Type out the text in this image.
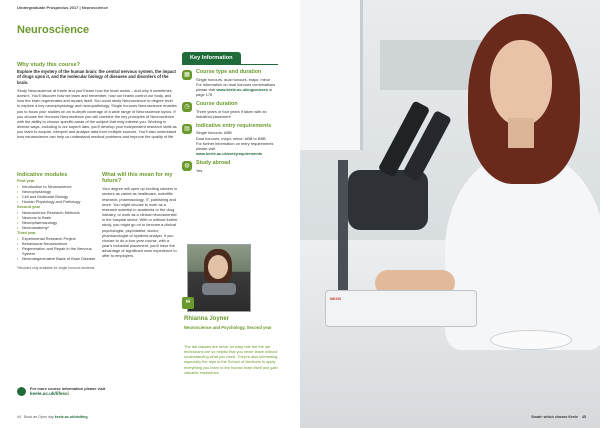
Undergraduate Prospectus 2017 | Neuroscience
Neuroscience

Why study this course?

Explore the mystery of the human brain: the central nervous system, the impact of drugs upon it, and the molecular biology of diseases and disorders of the brain.

Study Neuroscience at Keele and you'll learn how the brain works – and why it sometimes doesn't. You'll discover how we learn and remember, how our brains control our body, and how the brain regenerates and repairs itself. You could study Neuroscience to degree level to explore a key neurophysiology and neuropathology. Single honours Neuroscience enables you to focus your studies on an in-depth coverage of a wide range of Neuroscience topics. If you choose the Honours Neuroscience you will combine the key principles of Neuroscience with the ability to choose specific areas of the subject that may interest you. Working in diverse ways, including in our superb labs, you'll develop your independent research skills as you learn to acquire, interpret and analyse data from multiple sources. You'll also understand how neuroscience can help us understand medical problems and improve the quality of life.

Indicative modules

First year

• Introduction to Neuroscience
• Neurophysiology
• Cell and Molecular Biology
• Human Physiology and Pathology

Second year

• Neuroscience Research Methods
• Neurons to Brain
• Neuropharmacology
• Neuroanatomy*

Third year

• Experimental Research Project
• Behavioural Neuroscience
• Regeneration and Repair in the Nervous System
• Neurodegenerative Basis of Brain Disease
*Modules only available for single honours students

What will this mean for my future?

Your degree will open up exciting careers in sectors as varied as healthcare, scientific research, pharmacology, IT, publishing and more. You might choose to work as a research scientist in academia or the drug industry, or work as a clinical neuroscientist in the hospital sector. With or without further study, you might go on to become a clinical psychologist, psychiatrist, doctor, pharmacologist or systems analyst. If you choose to do a four year course, with a year's industrial placement, you'll have the advantage of significant work experience to offer to employers.

Key Information
▦	Course type and duration

Single honours, dual honours, major, minor

For information on dual honours combinations please visit www.keele.ac.uk/ugcourses or page 178

◷	Course duration

Three years or four years if taken with an industrial placement

▤	Indicative entry requirements

Single honours: ABB

Dual honours, major, minor: ABB to BBB

For further information on entry requirements please visit www.keele.ac.uk/entryrequirements

◍	Study abroad

Yes

“
Rhianna Joyner
Neuroscience and Psychology, Second year

The lab classes are never an easy ride but the lab technicians are so helpful that you never leave without understanding what you need. They're also interesting, especially the trips to the School of Medicine to apply everything you learn to the human brain itself and gain valuable experience.

For more course information please visit
keele.ac.uk/lifesci
44 Book an Open day keele.ac.uk/visiting
NIKON
Smart: which choose Keele 45
